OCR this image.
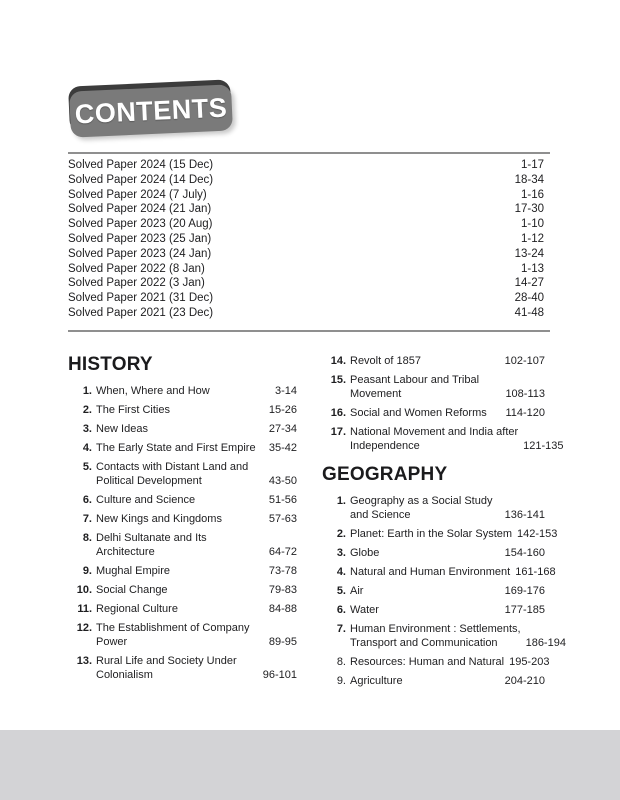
CONTENTS
Solved Paper 2024 (15 Dec)	1-17
Solved Paper 2024 (14 Dec)	18-34
Solved Paper 2024 (7 July)	1-16
Solved Paper 2024 (21 Jan)	17-30
Solved Paper 2023 (20 Aug)	1-10
Solved Paper 2023 (25 Jan)	1-12
Solved Paper 2023 (24 Jan)	13-24
Solved Paper 2022 (8 Jan)	1-13
Solved Paper 2022 (3 Jan)	14-27
Solved Paper 2021 (31 Dec)	28-40
Solved Paper 2021 (23 Dec)	41-48
HISTORY
1. When, Where and How	3-14
2. The First Cities	15-26
3. New Ideas	27-34
4. The Early State and First Empire	35-42
5. Contacts with Distant Land and
Political Development	43-50
6. Culture and Science	51-56
7. New Kings and Kingdoms	57-63
8. Delhi Sultanate and Its
Architecture	64-72
9. Mughal Empire	73-78
10. Social Change	79-83
11. Regional Culture	84-88
12. The Establishment of Company
Power	89-95
13. Rural Life and Society Under
Colonialism	96-101
14. Revolt of 1857	102-107
15. Peasant Labour and Tribal
Movement	108-113
16. Social and Women Reforms	114-120
17. National Movement and India after
Independence	121-135
GEOGRAPHY
1. Geography as a Social Study
and Science	136-141
2. Planet: Earth in the Solar System 142-153
3. Globe	154-160
4. Natural and Human Environment 161-168
5. Air	169-176
6. Water	177-185
7. Human Environment : Settlements,
Transport and Communication	186-194
8. Resources: Human and Natural 195-203
9. Agriculture	204-210
